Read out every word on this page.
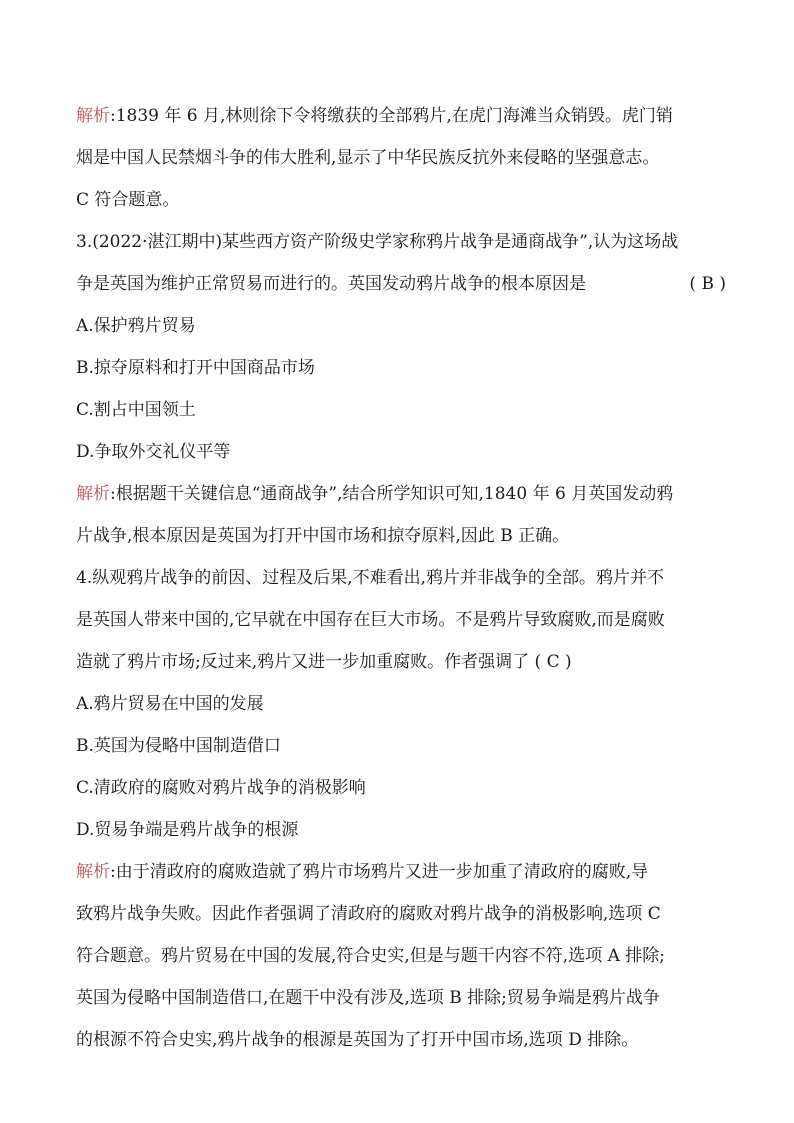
解析:1839 年 6 月,林则徐下令将缴获的全部鸦片,在虎门海滩当众销毁。虎门销
烟是中国人民禁烟斗争的伟大胜利,显示了中华民族反抗外来侵略的坚强意志。
C 符合题意。
3.(2022·湛江期中)某些西方资产阶级史学家称鸦片战争是通商战争”,认为这场战
争是英国为维护正常贸易而进行的。英国发动鸦片战争的根本原因是	( B )
A.保护鸦片贸易
B.掠夺原料和打开中国商品市场
C.割占中国领土
D.争取外交礼仪平等
解析:根据题干关键信息“通商战争”,结合所学知识可知,1840 年 6 月英国发动鸦
片战争,根本原因是英国为打开中国市场和掠夺原料,因此 B 正确。
4.纵观鸦片战争的前因、过程及后果,不难看出,鸦片并非战争的全部。鸦片并不
是英国人带来中国的,它早就在中国存在巨大市场。不是鸦片导致腐败,而是腐败
造就了鸦片市场;反过来,鸦片又进一步加重腐败。作者强调了 ( C )
A.鸦片贸易在中国的发展
B.英国为侵略中国制造借口
C.清政府的腐败对鸦片战争的消极影响
D.贸易争端是鸦片战争的根源
解析:由于清政府的腐败造就了鸦片市场鸦片又进一步加重了清政府的腐败,导
致鸦片战争失败。因此作者强调了清政府的腐败对鸦片战争的消极影响,选项 C
符合题意。鸦片贸易在中国的发展,符合史实,但是与题干内容不符,选项 A 排除;
英国为侵略中国制造借口,在题干中没有涉及,选项 B 排除;贸易争端是鸦片战争
的根源不符合史实,鸦片战争的根源是英国为了打开中国市场,选项 D 排除。
